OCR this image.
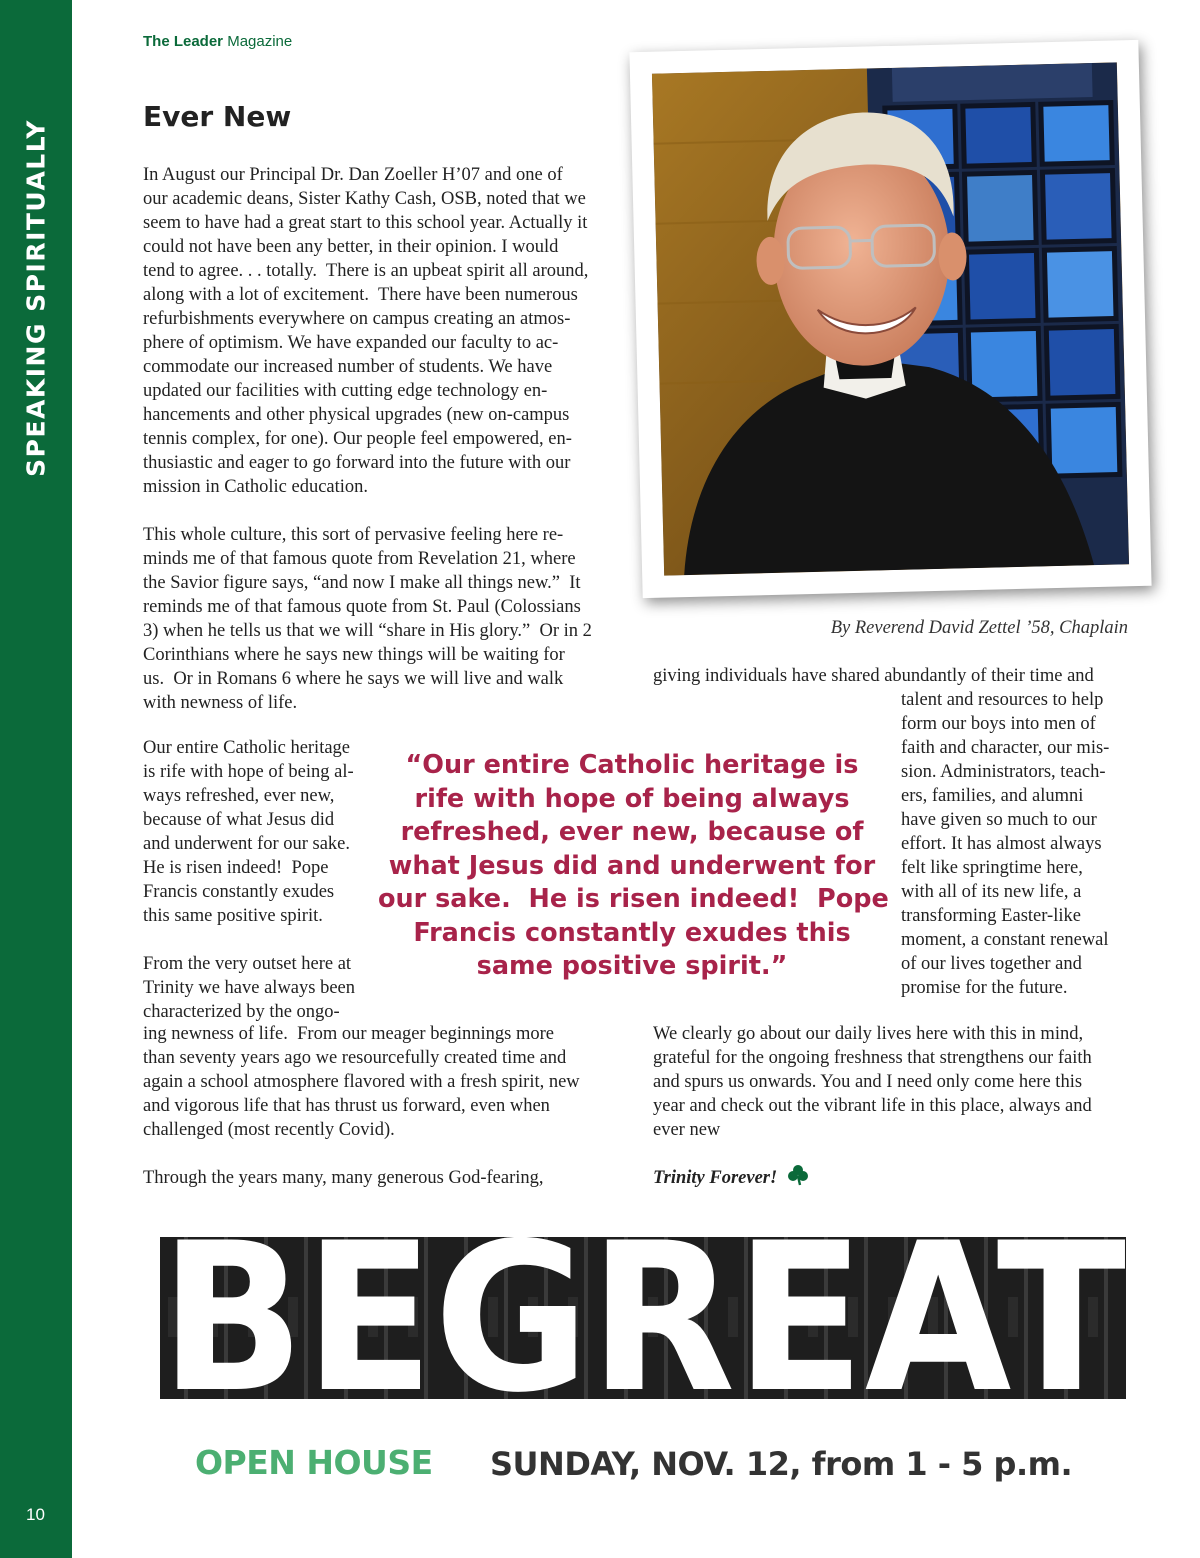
SPEAKING SPIRITUALLY
10
The Leader Magazine
Ever New
In August our Principal Dr. Dan Zoeller H’07 and one of
our academic deans, Sister Kathy Cash, OSB, noted that we
seem to have had a great start to this school year. Actually it
could not have been any better, in their opinion. I would
tend to agree. . . totally.  There is an upbeat spirit all around,
along with a lot of excitement.  There have been numerous
refurbishments everywhere on campus creating an atmos-
phere of optimism. We have expanded our faculty to ac-
commodate our increased number of students. We have
updated our facilities with cutting edge technology en-
hancements and other physical upgrades (new on-campus
tennis complex, for one). Our people feel empowered, en-
thusiastic and eager to go forward into the future with our
mission in Catholic education.
This whole culture, this sort of pervasive feeling here re-
minds me of that famous quote from Revelation 21, where
the Savior figure says, “and now I make all things new.”  It
reminds me of that famous quote from St. Paul (Colossians
3) when he tells us that we will “share in His glory.”  Or in 2
Corinthians where he says new things will be waiting for
us.  Or in Romans 6 where he says we will live and walk
with newness of life.
Our entire Catholic heritage
is rife with hope of being al-
ways refreshed, ever new,
because of what Jesus did
and underwent for our sake.
He is risen indeed!  Pope
Francis constantly exudes
this same positive spirit.
From the very outset here at
Trinity we have always been
characterized by the ongo-
ing newness of life.  From our meager beginnings more
than seventy years ago we resourcefully created time and
again a school atmosphere flavored with a fresh spirit, new
and vigorous life that has thrust us forward, even when
challenged (most recently Covid).
Through the years many, many generous God-fearing,
By Reverend David Zettel ’58, Chaplain
giving individuals have shared abundantly of their time and
talent and resources to help
form our boys into men of
faith and character, our mis-
sion. Administrators, teach-
ers, families, and alumni
have given so much to our
effort. It has almost always
felt like springtime here,
with all of its new life, a
transforming Easter-like
moment, a constant renewal
of our lives together and
promise for the future.
We clearly go about our daily lives here with this in mind,
grateful for the ongoing freshness that strengthens our faith
and spurs us onwards. You and I need only come here this
year and check out the vibrant life in this place, always and
ever new
“Our entire Catholic heritage is
rife with hope of being always
refreshed, ever new, because of
what Jesus did and underwent for
our sake.  He is risen indeed!  Pope
Francis constantly exudes this
same positive spirit.”
Trinity Forever!
BEGREAT
OPEN HOUSE SUNDAY, NOV. 12, from 1 - 5 p.m.
